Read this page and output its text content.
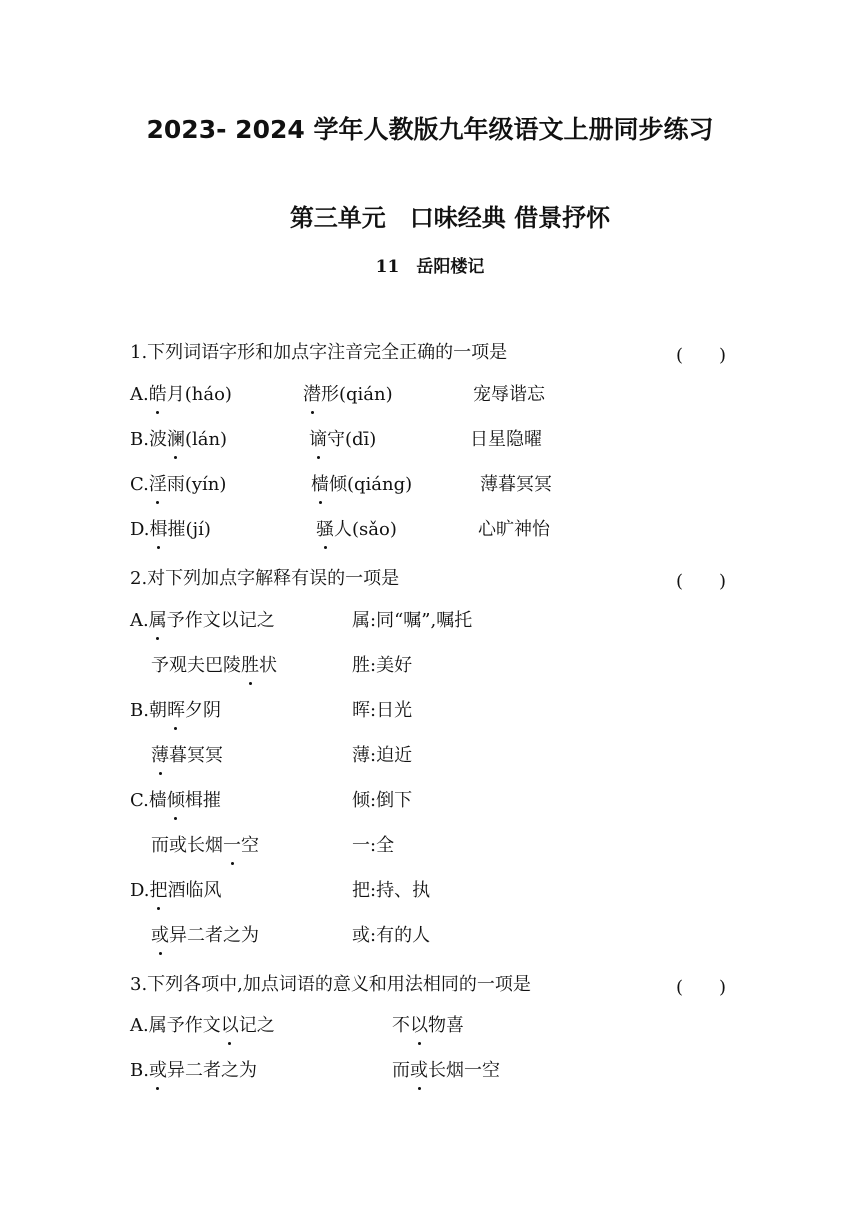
2023- 2024 学年人教版九年级语文上册同步练习
第三单元　口味经典 借景抒怀
11　岳阳楼记
1.下列词语字形和加点字注音完全正确的一项是	(　　)
A.皓月(háo)	潜形(qián)	宠辱谐忘
B.波澜(lán)	谪守(dī)	日星隐曜
C.淫雨(yín)	樯倾(qiáng)	薄暮冥冥
D.楫摧(jí)	骚人(sǎo)	心旷神怡
2.对下列加点字解释有误的一项是	(　　)
A.属予作文以记之	属:同“嘱”,嘱托
予观夫巴陵胜状	胜:美好
B.朝晖夕阴	晖:日光
薄暮冥冥	薄:迫近
C.樯倾楫摧	倾:倒下
而或长烟一空	一:全
D.把酒临风	把:持、执
或异二者之为	或:有的人
3.下列各项中,加点词语的意义和用法相同的一项是	(　　)
A.属予作文以记之	不以物喜
B.或异二者之为	而或长烟一空
